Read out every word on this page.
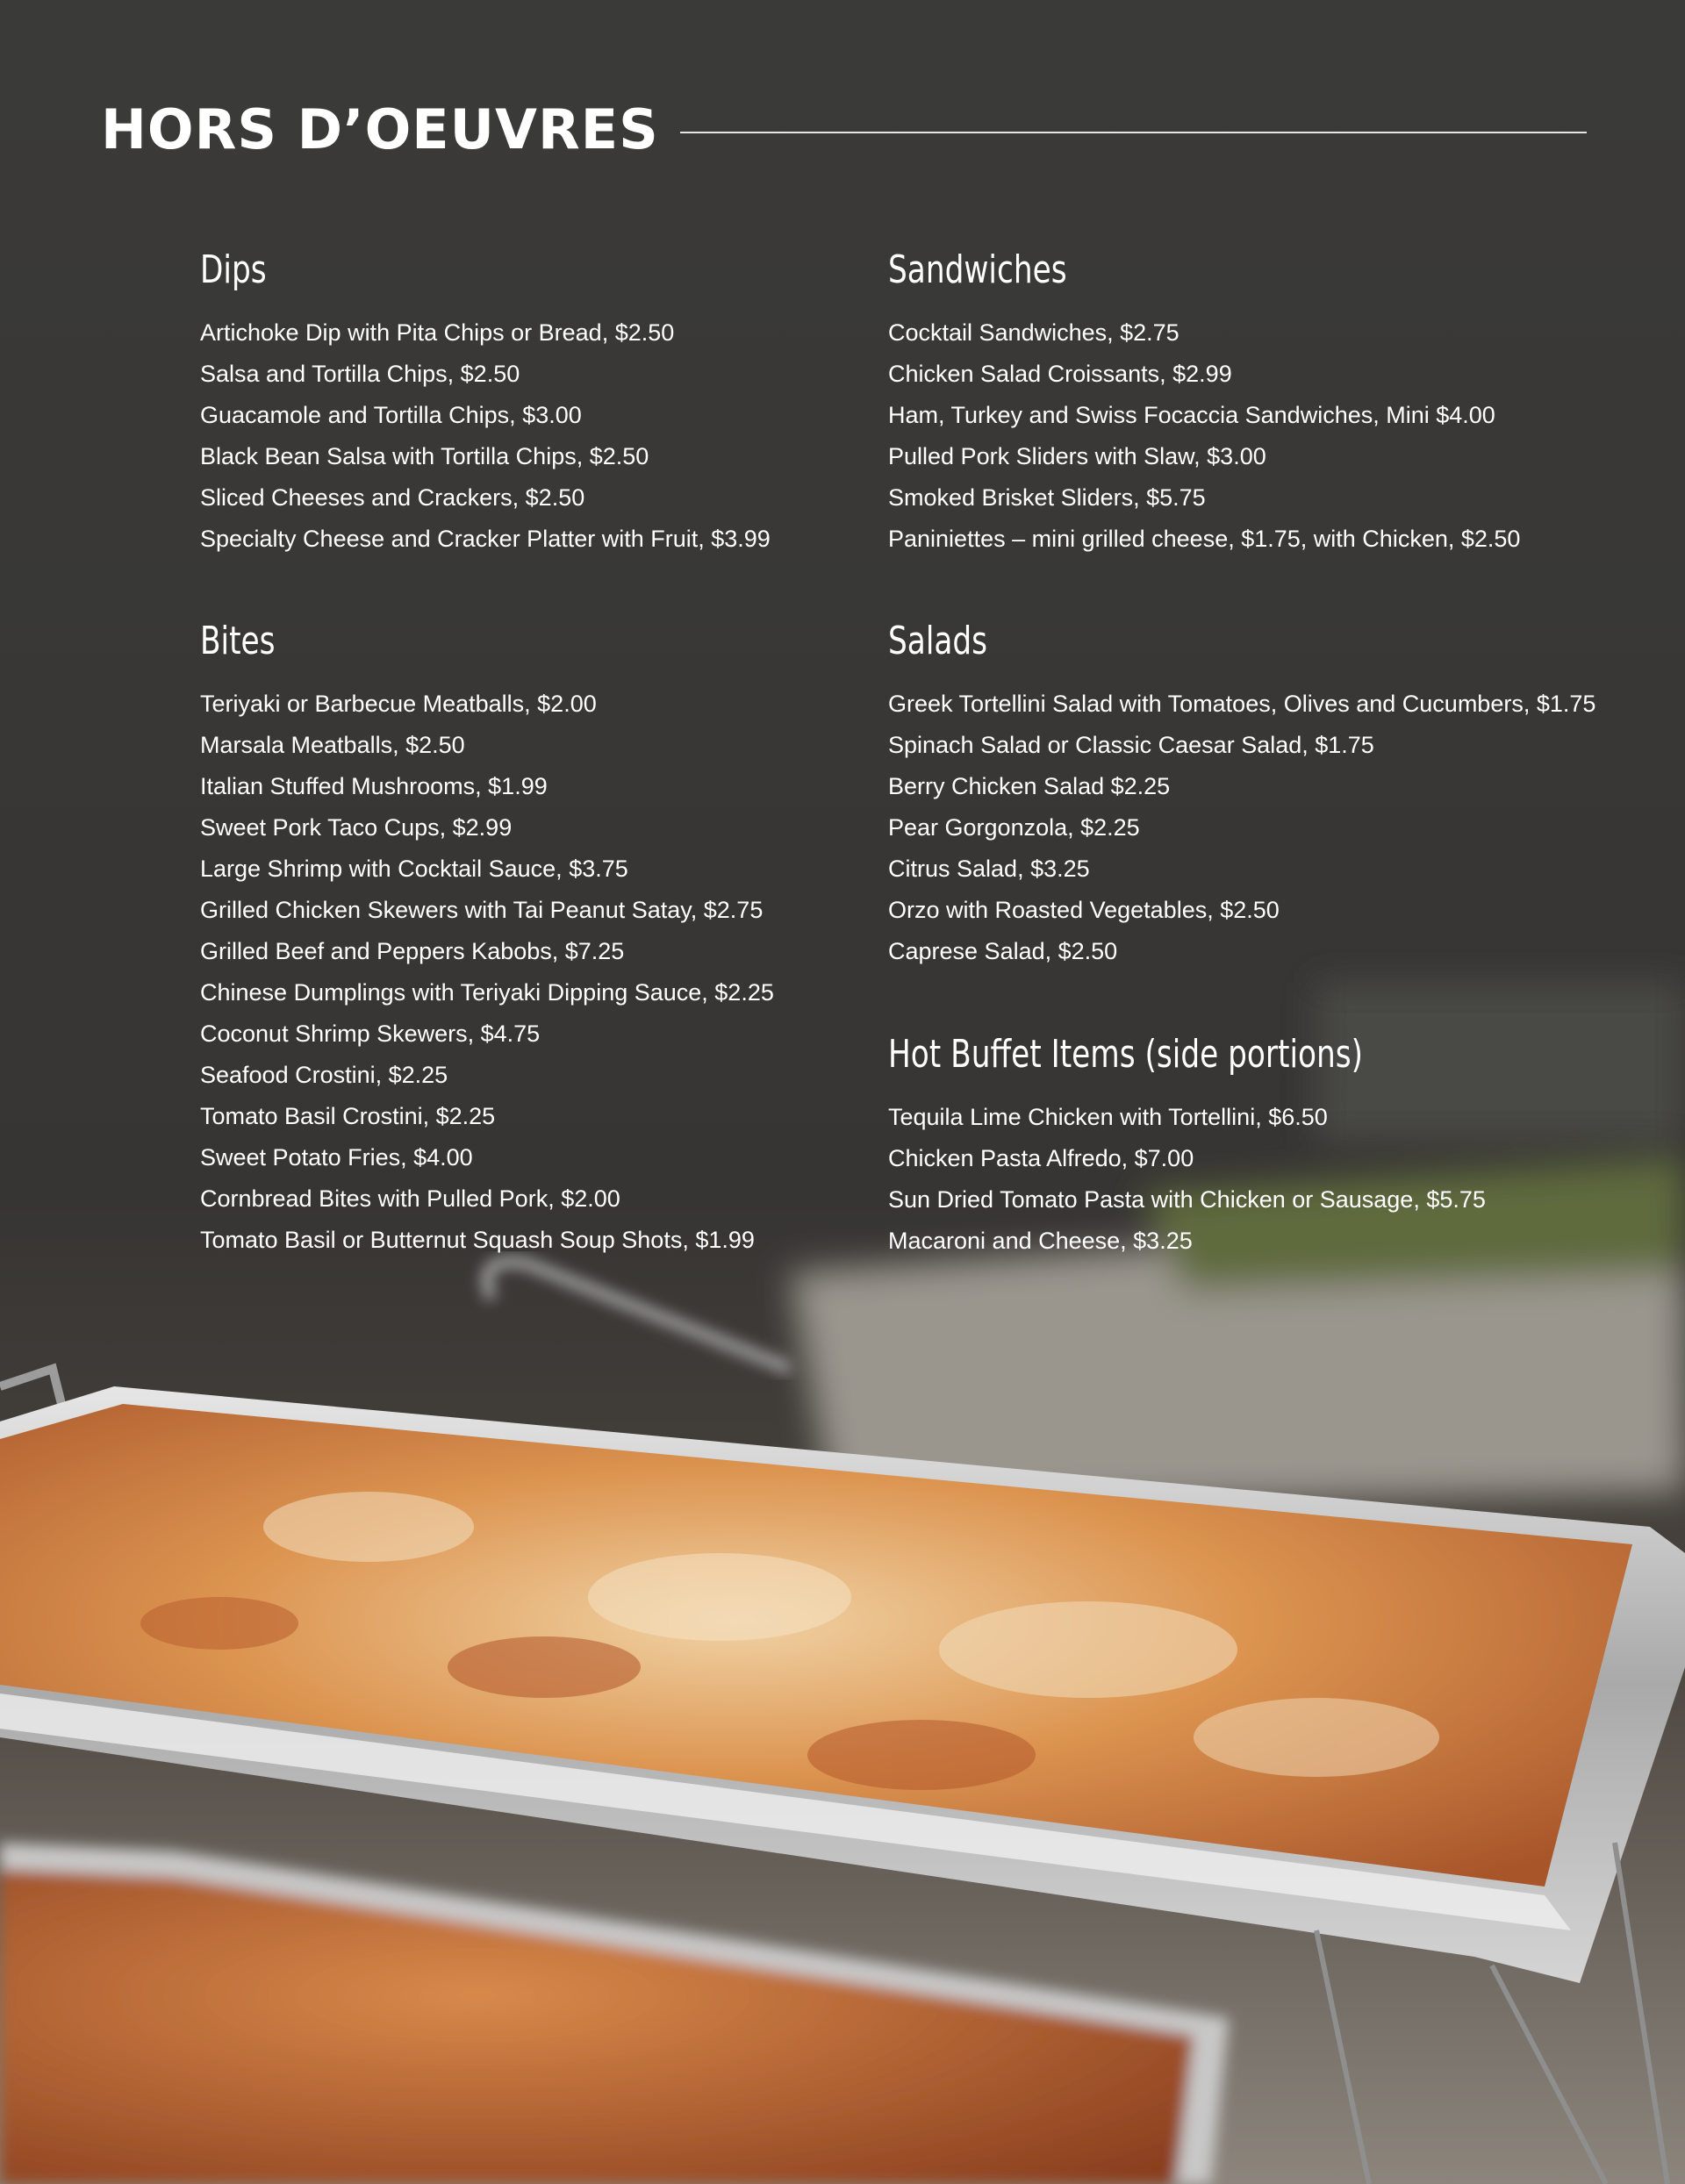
HORS D’OEUVRES
Dips
Artichoke Dip with Pita Chips or Bread, $2.50
Salsa and Tortilla Chips, $2.50
Guacamole and Tortilla Chips, $3.00
Black Bean Salsa with Tortilla Chips, $2.50
Sliced Cheeses and Crackers, $2.50
Specialty Cheese and Cracker Platter with Fruit, $3.99
Sandwiches
Cocktail Sandwiches, $2.75
Chicken Salad Croissants, $2.99
Ham, Turkey and Swiss Focaccia Sandwiches, Mini $4.00
Pulled Pork Sliders with Slaw, $3.00
Smoked Brisket Sliders, $5.75
Paniniettes – mini grilled cheese, $1.75, with Chicken, $2.50
Bites
Teriyaki or Barbecue Meatballs, $2.00
Marsala Meatballs, $2.50
Italian Stuffed Mushrooms, $1.99
Sweet Pork Taco Cups, $2.99
Large Shrimp with Cocktail Sauce, $3.75
Grilled Chicken Skewers with Tai Peanut Satay, $2.75
Grilled Beef and Peppers Kabobs, $7.25
Chinese Dumplings with Teriyaki Dipping Sauce, $2.25
Coconut Shrimp Skewers, $4.75
Seafood Crostini, $2.25
Tomato Basil Crostini, $2.25
Sweet Potato Fries, $4.00
Cornbread Bites with Pulled Pork, $2.00
Tomato Basil or Butternut Squash Soup Shots, $1.99
Salads
Greek Tortellini Salad with Tomatoes, Olives and Cucumbers, $1.75
Spinach Salad or Classic Caesar Salad, $1.75
Berry Chicken Salad $2.25
Pear Gorgonzola, $2.25
Citrus Salad, $3.25
Orzo with Roasted Vegetables, $2.50
Caprese Salad, $2.50
Hot Buffet Items (side portions)
Tequila Lime Chicken with Tortellini, $6.50
Chicken Pasta Alfredo, $7.00
Sun Dried Tomato Pasta with Chicken or Sausage, $5.75
Macaroni and Cheese, $3.25
